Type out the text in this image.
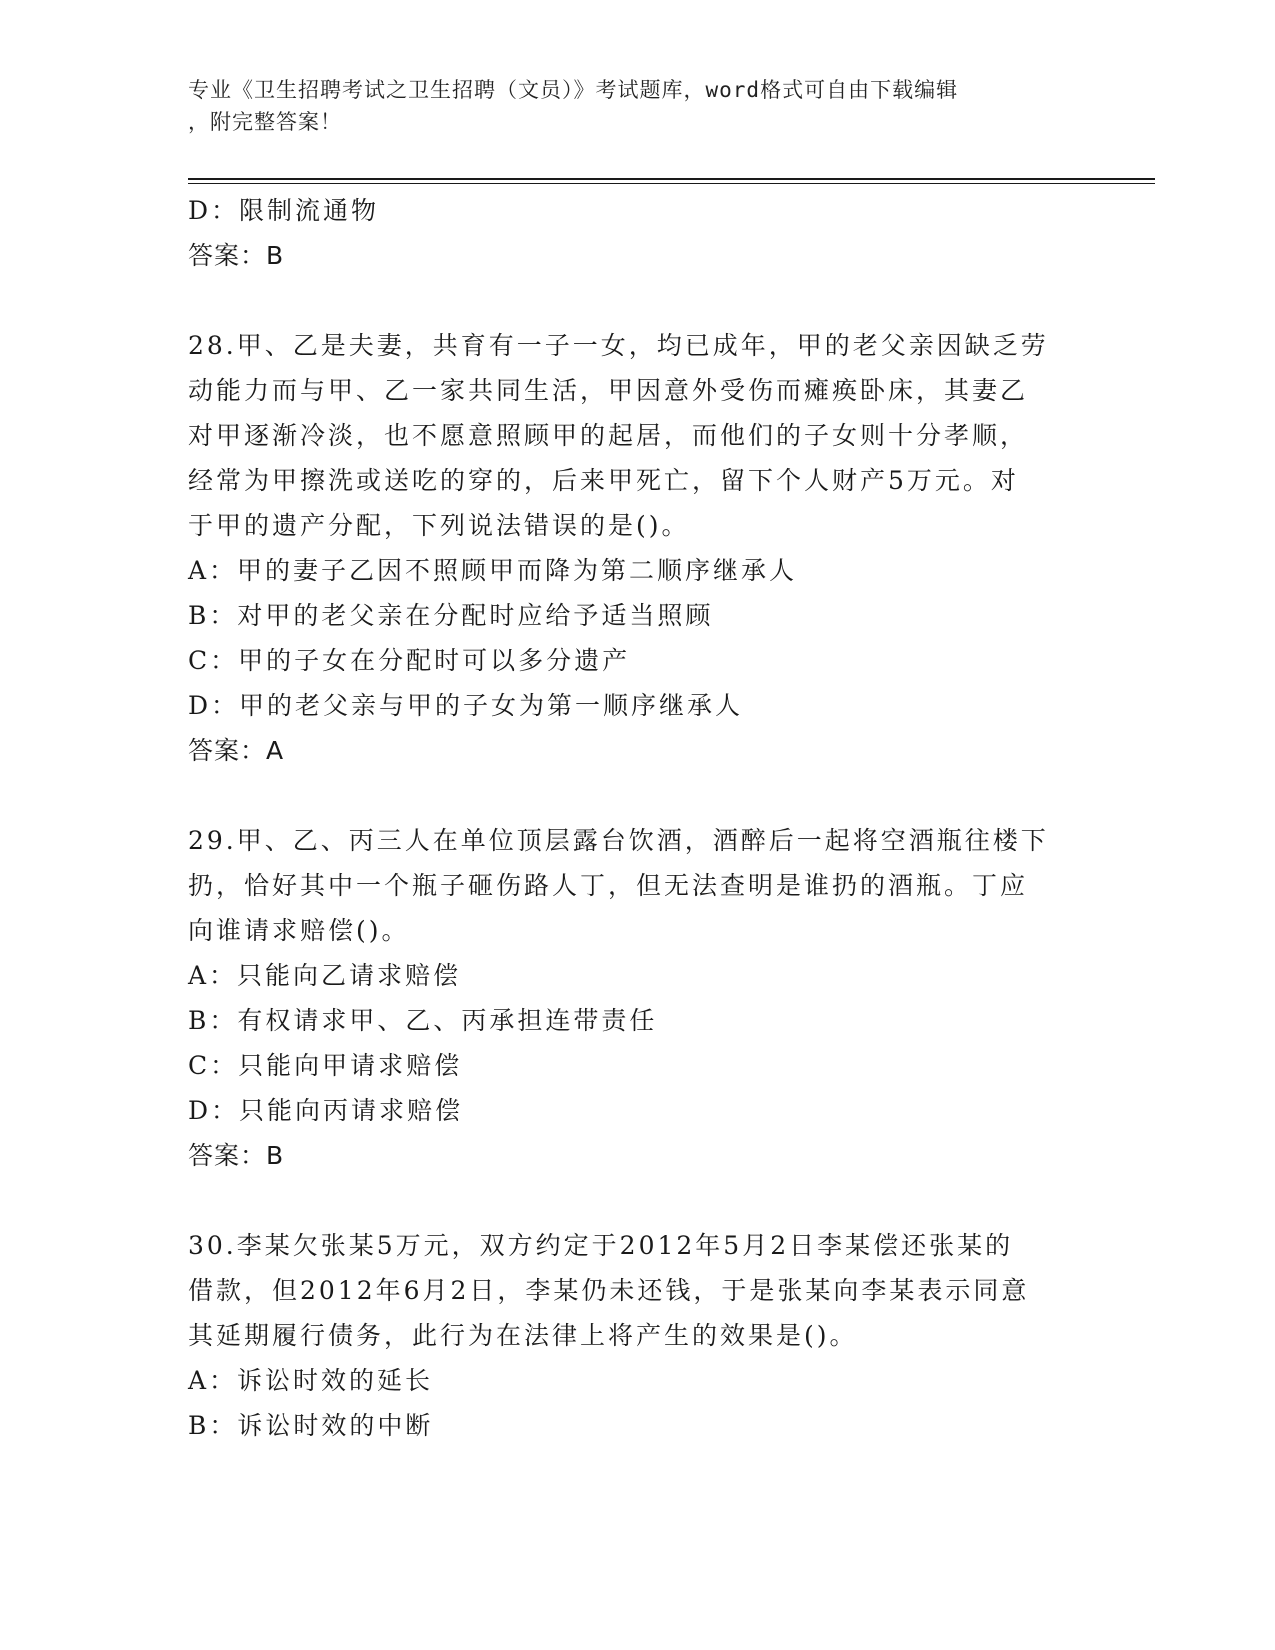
专业《卫生招聘考试之卫生招聘（文员）》考试题库，word格式可自由下载编辑

，附完整答案！

D：限制流通物

答案：B

28.甲、乙是夫妻，共育有一子一女，均已成年，甲的老父亲因缺乏劳

动能力而与甲、乙一家共同生活，甲因意外受伤而瘫痪卧床，其妻乙

对甲逐渐冷淡，也不愿意照顾甲的起居，而他们的子女则十分孝顺，

经常为甲擦洗或送吃的穿的，后来甲死亡，留下个人财产5万元。对

于甲的遗产分配，下列说法错误的是()。

A：甲的妻子乙因不照顾甲而降为第二顺序继承人

B：对甲的老父亲在分配时应给予适当照顾

C：甲的子女在分配时可以多分遗产

D：甲的老父亲与甲的子女为第一顺序继承人

答案：A

29.甲、乙、丙三人在单位顶层露台饮酒，酒醉后一起将空酒瓶往楼下

扔，恰好其中一个瓶子砸伤路人丁，但无法查明是谁扔的酒瓶。丁应

向谁请求赔偿()。

A：只能向乙请求赔偿

B：有权请求甲、乙、丙承担连带责任

C：只能向甲请求赔偿

D：只能向丙请求赔偿

答案：B

30.李某欠张某5万元，双方约定于2012年5月2日李某偿还张某的

借款，但2012年6月2日，李某仍未还钱，于是张某向李某表示同意

其延期履行债务，此行为在法律上将产生的效果是()。

A：诉讼时效的延长

B：诉讼时效的中断
